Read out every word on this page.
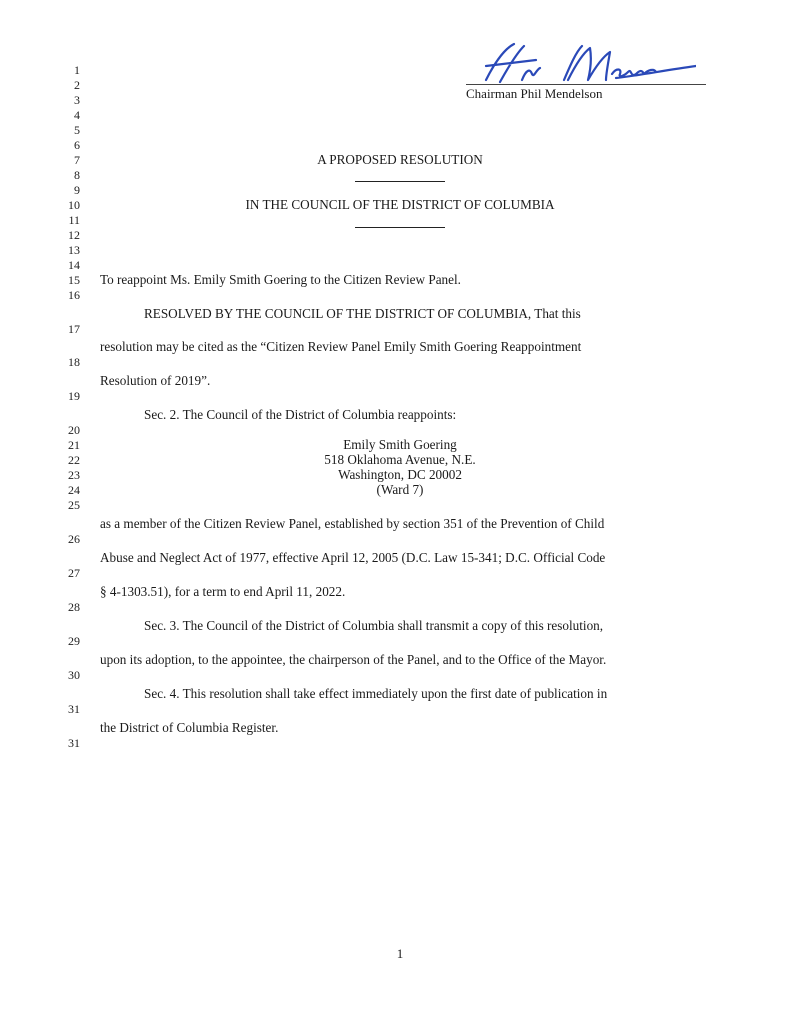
Chairman Phil Mendelson
1
2
3
4
5
6
7
8
9
10
11
12
13
14
15
16
17
18
19
20
21
22
23
24
25
26
27
28
29
30
31
A PROPOSED RESOLUTION
IN THE COUNCIL OF THE DISTRICT OF COLUMBIA
To reappoint Ms. Emily Smith Goering to the Citizen Review Panel.
RESOLVED BY THE COUNCIL OF THE DISTRICT OF COLUMBIA, That this
resolution may be cited as the “Citizen Review Panel Emily Smith Goering Reappointment
Resolution of 2019”.
Sec. 2. The Council of the District of Columbia reappoints:
Emily Smith Goering
518 Oklahoma Avenue, N.E.
Washington, DC 20002
(Ward 7)
as a member of the Citizen Review Panel, established by section 351 of the Prevention of Child
Abuse and Neglect Act of 1977, effective April 12, 2005 (D.C. Law 15-341; D.C. Official Code
§ 4-1303.51), for a term to end April 11, 2022.
Sec. 3. The Council of the District of Columbia shall transmit a copy of this resolution,
upon its adoption, to the appointee, the chairperson of the Panel, and to the Office of the Mayor.
Sec. 4. This resolution shall take effect immediately upon the first date of publication in
the District of Columbia Register.
1
31
